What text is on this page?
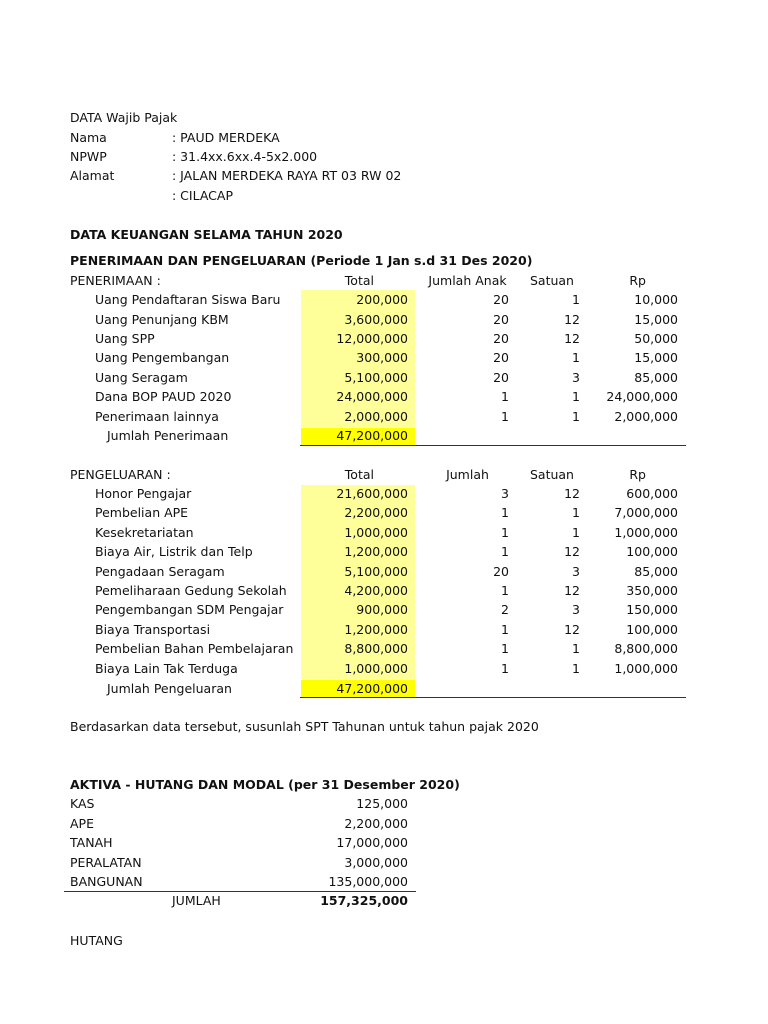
DATA Wajib Pajak
Nama	: PAUD MERDEKA
NPWP	: 31.4xx.6xx.4-5x2.000
Alamat	: JALAN MERDEKA RAYA RT 03 RW 02
: CILACAP
DATA KEUANGAN SELAMA TAHUN 2020
PENERIMAAN DAN PENGELUARAN (Periode 1 Jan s.d 31 Des 2020)
PENERIMAAN :	Total	Jumlah Anak	Satuan	Rp
Uang Pendaftaran Siswa Baru	200,000	20	1	10,000
Uang Penunjang KBM	3,600,000	20	12	15,000
Uang SPP	12,000,000	20	12	50,000
Uang Pengembangan	300,000	20	1	15,000
Uang Seragam	5,100,000	20	3	85,000
Dana BOP PAUD 2020	24,000,000	1	1	24,000,000
Penerimaan lainnya	2,000,000	1	1	2,000,000
Jumlah Penerimaan	47,200,000
PENGELUARAN :	Total	Jumlah	Satuan	Rp
Honor Pengajar	21,600,000	3	12	600,000
Pembelian APE	2,200,000	1	1	7,000,000
Kesekretariatan	1,000,000	1	1	1,000,000
Biaya Air, Listrik dan Telp	1,200,000	1	12	100,000
Pengadaan Seragam	5,100,000	20	3	85,000
Pemeliharaan Gedung Sekolah	4,200,000	1	12	350,000
Pengembangan SDM Pengajar	900,000	2	3	150,000
Biaya Transportasi	1,200,000	1	12	100,000
Pembelian Bahan Pembelajaran	8,800,000	1	1	8,800,000
Biaya Lain Tak Terduga	1,000,000	1	1	1,000,000
Jumlah Pengeluaran	47,200,000
Berdasarkan data tersebut, susunlah SPT Tahunan untuk tahun pajak 2020
AKTIVA - HUTANG DAN MODAL (per 31 Desember 2020)
KAS	125,000
APE	2,200,000
TANAH	17,000,000
PERALATAN	3,000,000
BANGUNAN	135,000,000
JUMLAH	157,325,000
HUTANG
